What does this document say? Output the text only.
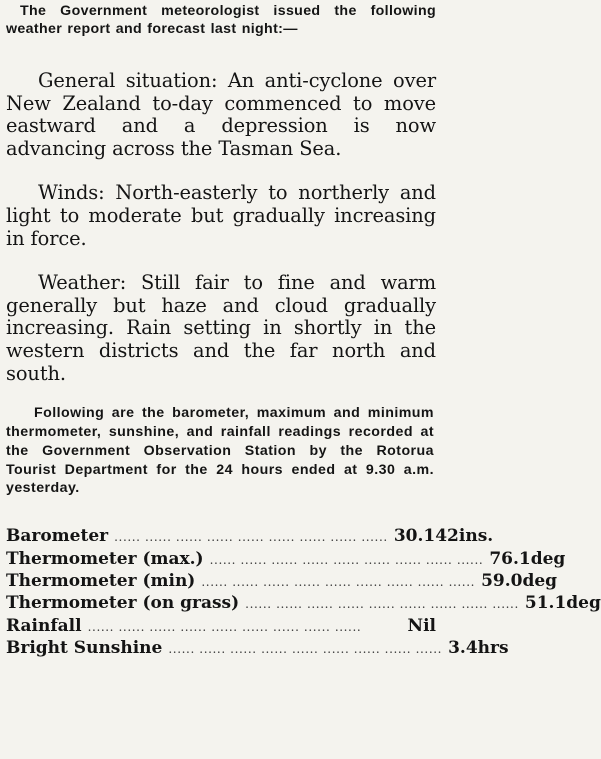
The Government meteorologist issued the following weather report and forecast last night:—

General situation: An anti-cyclone over New Zealand to-day commenced to move eastward and a depression is now advancing across the Tasman Sea.

Winds: North-easterly to northerly and light to moderate but gradually increasing in force.

Weather: Still fair to fine and warm generally but haze and cloud gradually increasing. Rain setting in shortly in the western districts and the far north and south.

Following are the barometer, maximum and minimum thermometer, sunshine, and rainfall readings recorded at the Government Observation Station by the Rotorua Tourist Department for the 24 hours ended at 9.30 a.m. yesterday.

Barometer ...... ...... ...... ...... ...... ...... ...... ...... ...... 30.142ins.
Thermometer (max.) ...... ...... ...... ...... ...... ...... ...... ...... ...... 76.1deg
Thermometer (min) ...... ...... ...... ...... ...... ...... ...... ...... ...... 59.0deg
Thermometer (on grass) ...... ...... ...... ...... ...... ...... ...... ...... ...... 51.1deg
Rainfall ...... ...... ...... ...... ...... ...... ...... ...... ......	Nil
Bright Sunshine ...... ...... ...... ...... ...... ...... ...... ...... ...... 3.4hrs
